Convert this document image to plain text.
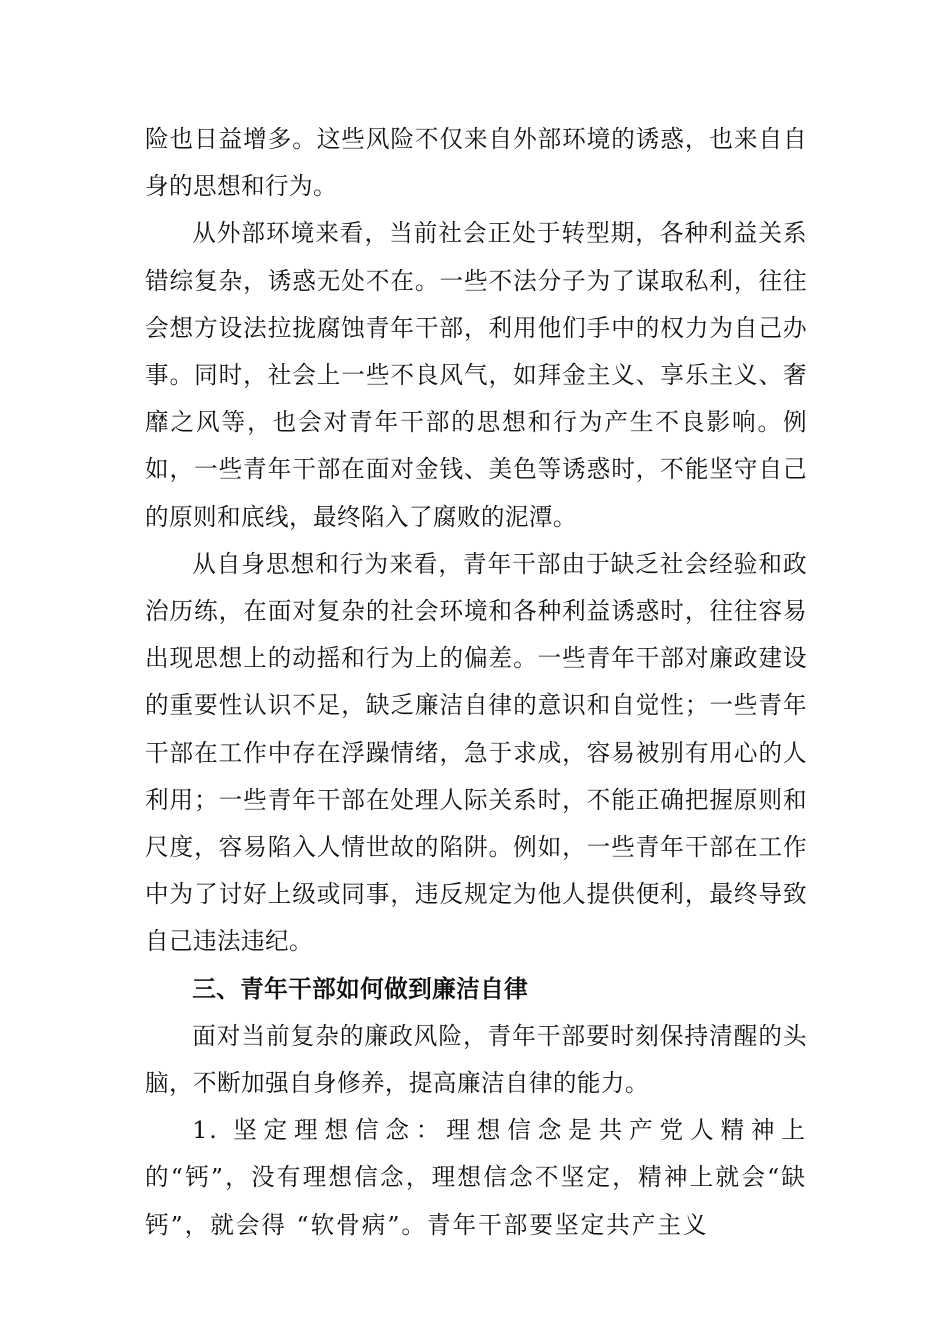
险也日益增多。这些风险不仅来自外部环境的诱惑，也来自自身的思想和行为。

从外部环境来看，当前社会正处于转型期，各种利益关系错综复杂，诱惑无处不在。一些不法分子为了谋取私利，往往会想方设法拉拢腐蚀青年干部，利用他们手中的权力为自己办事。同时，社会上一些不良风气，如拜金主义、享乐主义、奢靡之风等，也会对青年干部的思想和行为产生不良影响。例如，一些青年干部在面对金钱、美色等诱惑时，不能坚守自己的原则和底线，最终陷入了腐败的泥潭。

从自身思想和行为来看，青年干部由于缺乏社会经验和政治历练，在面对复杂的社会环境和各种利益诱惑时，往往容易出现思想上的动摇和行为上的偏差。一些青年干部对廉政建设的重要性认识不足，缺乏廉洁自律的意识和自觉性；一些青年干部在工作中存在浮躁情绪，急于求成，容易被别有用心的人利用；一些青年干部在处理人际关系时，不能正确把握原则和尺度，容易陷入人情世故的陷阱。例如，一些青年干部在工作中为了讨好上级或同事，违反规定为他人提供便利，最终导致自己违法违纪。

三、青年干部如何做到廉洁自律

面对当前复杂的廉政风险，青年干部要时刻保持清醒的头脑，不断加强自身修养，提高廉洁自律的能力。

1. 坚定理想信念：理想信念是共产党人精神上的“钙”，没有理想信念，理想信念不坚定，精神上就会“缺钙”，就会得 “软骨病”。青年干部要坚定共产主义
